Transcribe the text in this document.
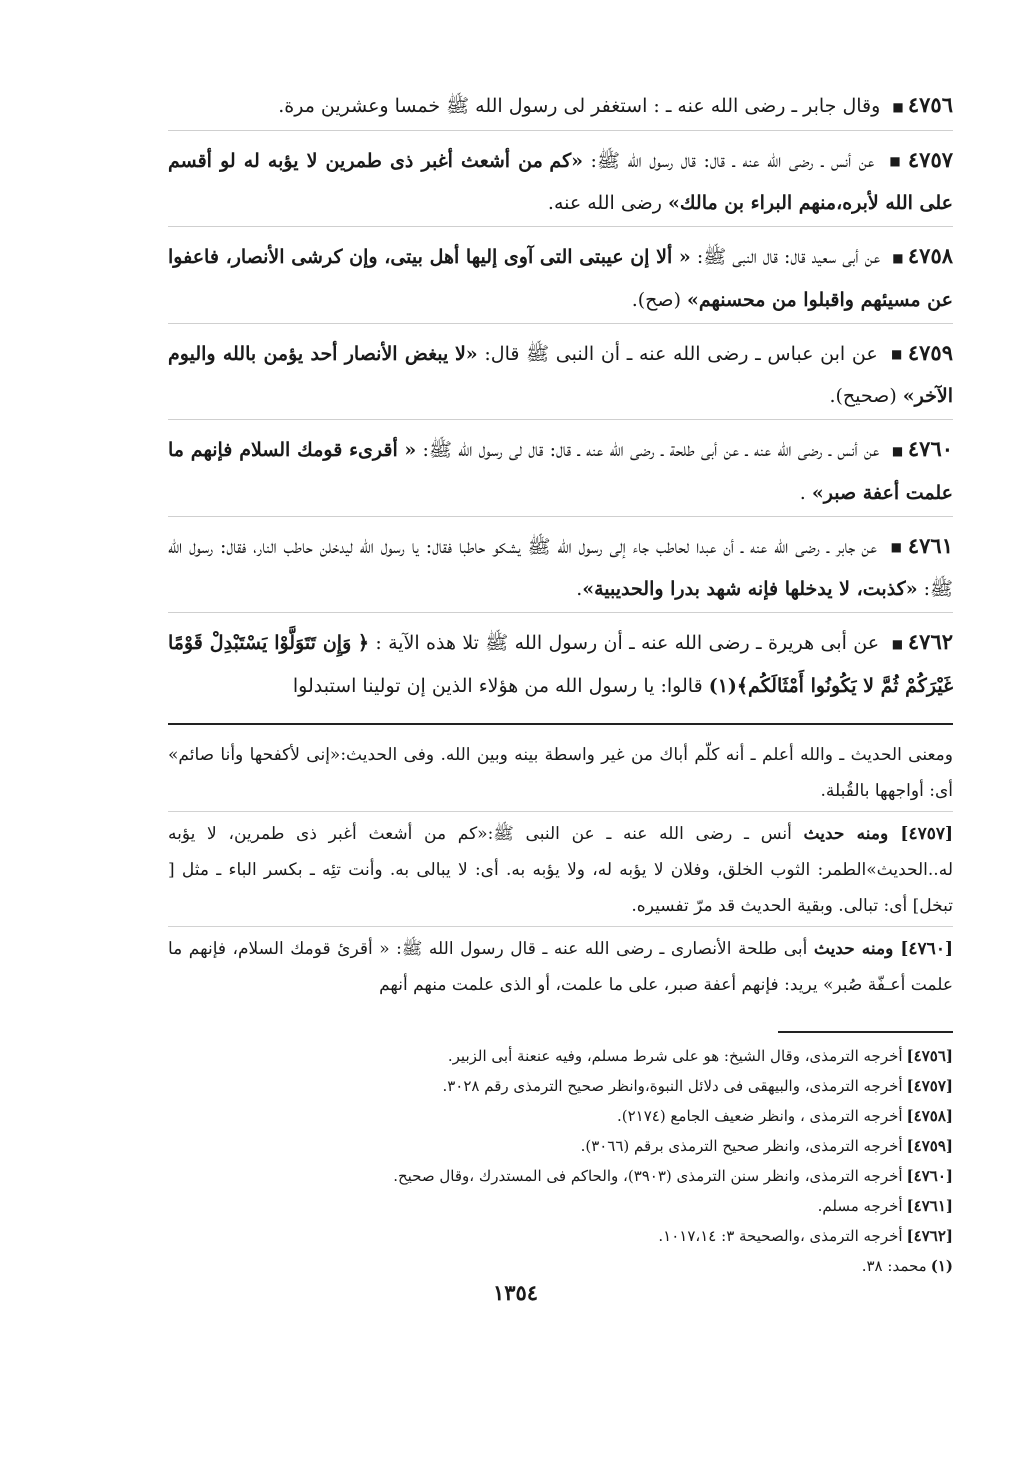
٤٧٥٦ ■ وقال جابر ـ رضى الله عنه ـ : استغفر لى رسول الله ﷺ خمسا وعشرين مرة.

٤٧٥٧ ■ عن أنس ـ رضى الله عنه ـ قال: قال رسول الله ﷺ: «كم من أشعث أغبر ذى طمرين لا يؤبه له لو أقسم على الله لأبره،منهم البراء بن مالك» رضى الله عنه.

٤٧٥٨ ■ عن أبى سعيد قال: قال النبى ﷺ: « ألا إن عيبتى التى آوى إليها أهل بيتى، وإن كرشى الأنصار، فاعفوا عن مسيئهم واقبلوا من محسنهم» (صح).

٤٧٥٩ ■ عن ابن عباس ـ رضى الله عنه ـ أن النبى ﷺ قال: «لا يبغض الأنصار أحد يؤمن بالله واليوم الآخر» (صحيح).

٤٧٦٠ ■ عن أنس ـ رضى الله عنه ـ عن أبى طلحة ـ رضى الله عنه ـ قال: قال لى رسول الله ﷺ: « أقرىء قومك السلام فإنهم ما علمت أعفة صبر» .

٤٧٦١ ■ عن جابر ـ رضى الله عنه ـ أن عبدا لحاطب جاء إلى رسول الله ﷺ يشكو حاطبا فقال: يا رسول الله ليدخلن حاطب النار، فقال: رسول الله ﷺ: «كذبت، لا يدخلها فإنه شهد بدرا والحديبية».

٤٧٦٢ ■ عن أبى هريرة ـ رضى الله عنه ـ أن رسول الله ﷺ تلا هذه الآية : ﴿ وَإِن تَتَوَلَّوْا يَسْتَبْدِلْ قَوْمًا غَيْرَكُمْ ثُمَّ لا يَكُونُوا أَمْثَالَكُم﴾(١) قالوا: يا رسول الله من هؤلاء الذين إن تولينا استبدلوا

ومعنى الحديث ـ والله أعلم ـ أنه كلّم أباك من غير واسطة بينه وبين الله. وفى الحديث:«إنى لأكفحها وأنا صائم» أى: أواجهها بالقُبلة.

[٤٧٥٧] ومنه حديث أنس ـ رضى الله عنه ـ عن النبى ﷺ:«كم من أشعث أغبر ذى طمرين، لا يؤبه له..الحديث»الطمر: الثوب الخلق، وفلان لا يؤبه له، ولا يؤبه به. أى: لا يبالى به. وأنت تئِه ـ بكسر الباء ـ مثل [ تبخل] أى: تبالى. وبقية الحديث قد مرّ تفسيره.

[٤٧٦٠] ومنه حديث أبى طلحة الأنصارى ـ رضى الله عنه ـ قال رسول الله ﷺ: « أقرئ قومك السلام، فإنهم ما علمت أعـفّة صُبر» يريد: فإنهم أعفة صبر، على ما علمت، أو الذى علمت منهم أنهم

[٤٧٥٦]أخرجه الترمذى، وقال الشيخ: هو على شرط مسلم، وفيه عنعنة أبى الزبير.
[٤٧٥٧]أخرجه الترمذى، والبيهقى فى دلائل النبوة،وانظر صحيح الترمذى رقم ٣٠٢٨.
[٤٧٥٨]أخرجه الترمذى ، وانظر ضعيف الجامع (٢١٧٤).
[٤٧٥٩]أخرجه الترمذى، وانظر صحيح الترمذى برقم (٣٠٦٦).
[٤٧٦٠]أخرجه الترمذى، وانظر سنن الترمذى (٣٩٠٣)، والحاكم فى المستدرك ،وقال صحيح.
[٤٧٦١]أخرجه مسلم.
[٤٧٦٢]أخرجه الترمذى ،والصحيحة ٣: ١٠١٧،١٤.
(١)محمد: ٣٨.
١٣٥٤
